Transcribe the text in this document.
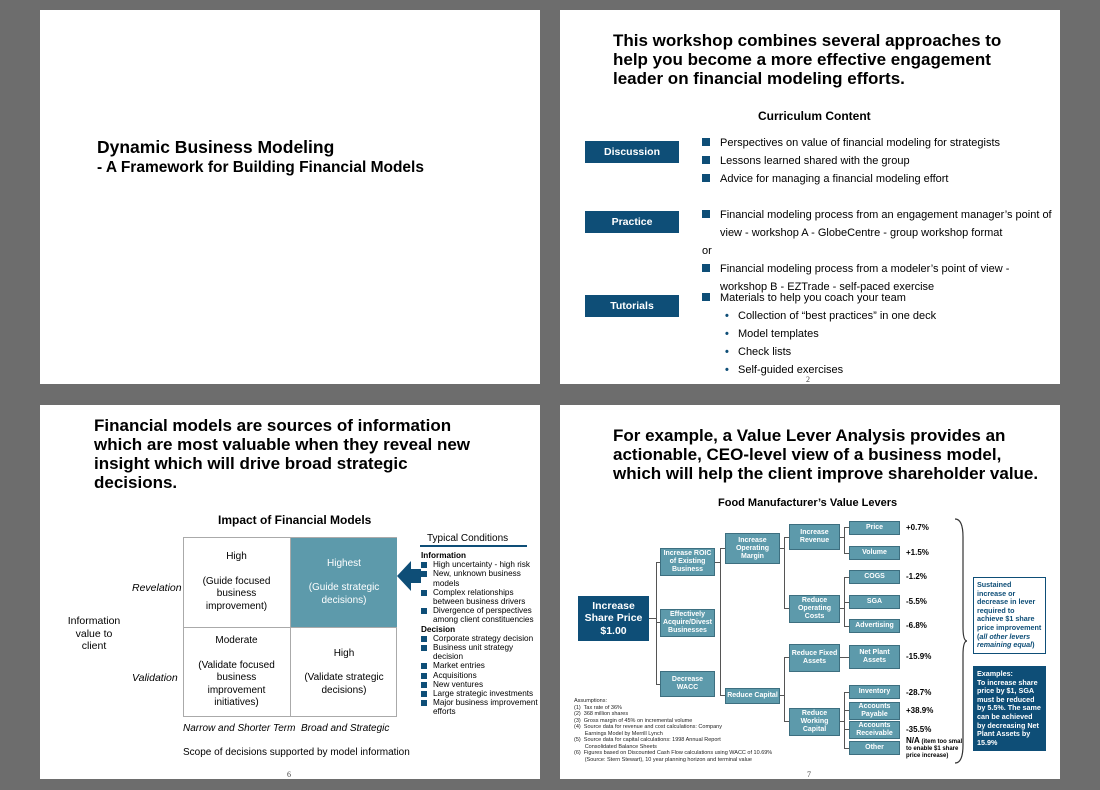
Dynamic Business Modeling
- A Framework for Building Financial Models
This workshop combines several approaches to help you become a more effective engagement leader on financial modeling efforts.
Curriculum Content
Discussion
Perspectives on value of financial modeling for strategists
Lessons learned shared with the group
Advice for managing a financial modeling effort
Practice
Financial modeling process from an engagement manager’s point of view - workshop A - GlobeCentre - group workshop format
or
Financial modeling process from a modeler’s point of view - workshop B - EZTrade - self-paced exercise
Tutorials
Materials to help you coach your team
• Collection of “best practices” in one deck
• Model templates
• Check lists
• Self-guided exercises
2
Financial models are sources of information which are most valuable when they reveal new insight which will drive broad strategic decisions.
Impact of Financial Models
Information value to client
Revelation
Validation
High
(Guide focused business improvement)
Highest
(Guide strategic decisions)
Moderate
(Validate focused business improvement initiatives)
High
(Validate strategic decisions)
Narrow and Shorter Term Broad and Strategic
Scope of decisions supported by model information
Typical Conditions
Information
High uncertainty - high risk
New, unknown business models
Complex relationships between business drivers
Divergence of perspectives among client constituencies
Decision
Corporate strategy decision
Business unit strategy decision
Market entries
Acquisitions
New ventures
Large strategic investments
Major business improvement efforts
6
For example, a Value Lever Analysis provides an actionable, CEO-level view of a business model, which will help the client improve shareholder value.
Food Manufacturer’s Value Levers
Increase Share Price $1.00
Increase ROIC of Existing Business
Effectively Acquire/Divest Businesses
Decrease WACC
Increase Operating Margin
Reduce Capital
Increase Revenue
Reduce Operating Costs
Reduce Fixed Assets
Reduce Working Capital
Price
Volume
COGS
SGA
Advertising
Net Plant Assets
Inventory
Accounts Payable
Accounts Receivable
Other
+0.7%
+1.5%
-1.2%
-5.5%
-6.8%
-15.9%
-28.7%
+38.9%
-35.5%
N/A (item too small to enable $1 share price increase)
Sustained increase or decrease in lever required to achieve $1 share price improvement (all other levers remaining equal)
Examples:
To increase share price by $1, SGA must be reduced by 5.5%. The same can be achieved by decreasing Net Plant Assets by 15.9%
Assumptions:
(1)  Tax rate of 36%
(2)  368 million shares
(3)  Gross margin of 45% on incremental volume
(4)  Source data for revenue and cost calculations: Company
Earnings Model by Merrill Lynch
(5)  Source data for capital calculations: 1998 Annual Report
Consolidated Balance Sheets
(6)  Figures based on Discounted Cash Flow calculations using WACC of 10.69%
(Source: Stern Stewart), 10 year planning horizon and terminal value
7
